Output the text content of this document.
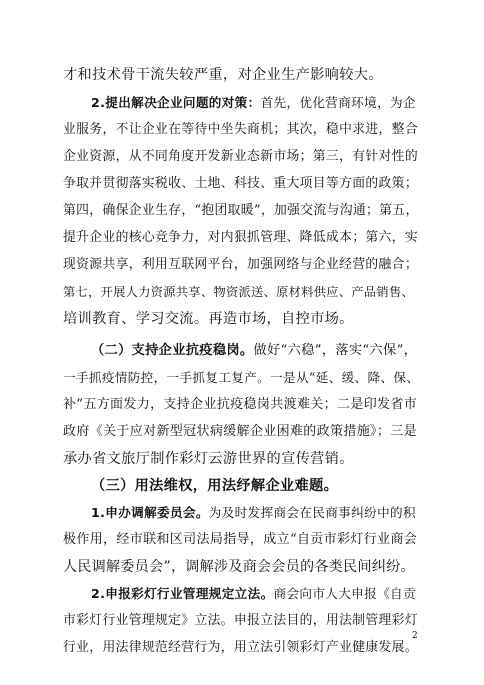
才和技术骨干流失较严重，对企业生产影响较大。
2.提出解决企业问题的对策：首先，优化营商环境，为企
业服务，不让企业在等待中坐失商机；其次，稳中求进，整合
企业资源，从不同角度开发新业态新市场；第三，有针对性的
争取并贯彻落实税收、土地、科技、重大项目等方面的政策；
第四，确保企业生存，“抱团取暖”，加强交流与沟通；第五，
提升企业的核心竞争力，对内狠抓管理、降低成本；第六，实
现资源共享，利用互联网平台，加强网络与企业经营的融合；
第七，开展人力资源共享、物资派送、原材料供应、产品销售、
培训教育、学习交流。再造市场，自控市场。
（二）支持企业抗疫稳岗。做好“六稳”，落实“六保”，
一手抓疫情防控，一手抓复工复产。一是从“延、缓、降、保、
补”五方面发力，支持企业抗疫稳岗共渡难关；二是印发省市
政府《关于应对新型冠状病缓解企业困难的政策措施》；三是
承办省文旅厅制作彩灯云游世界的宣传营销。
（三）用法维权，用法纾解企业难题。
1.申办调解委员会。为及时发挥商会在民商事纠纷中的积
极作用，经市联和区司法局指导，成立“自贡市彩灯行业商会
人民调解委员会”，调解涉及商会会员的各类民间纠纷。
2.申报彩灯行业管理规定立法。商会向市人大申报《自贡
市彩灯行业管理规定》立法。申报立法目的，用法制管理彩灯
行业，用法律规范经营行为，用立法引领彩灯产业健康发展。
2
